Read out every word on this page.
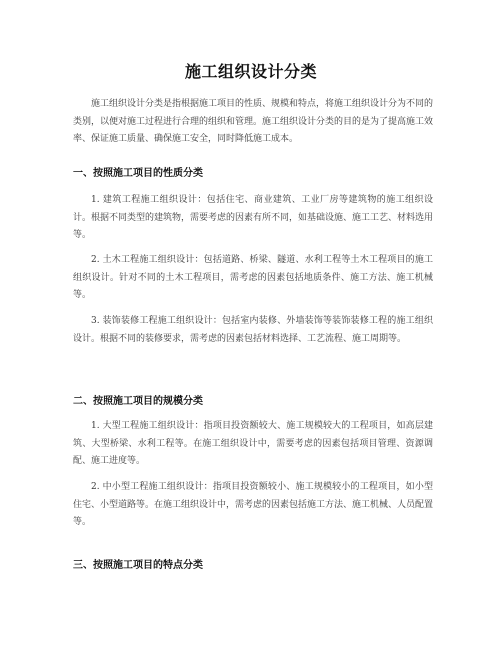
施工组织设计分类
施工组织设计分类是指根据施工项目的性质、规模和特点，将施工组织设计分为不同的类别，以便对施工过程进行合理的组织和管理。施工组织设计分类的目的是为了提高施工效率、保证施工质量、确保施工安全，同时降低施工成本。
一、按照施工项目的性质分类
1. 建筑工程施工组织设计：包括住宅、商业建筑、工业厂房等建筑物的施工组织设计。根据不同类型的建筑物，需要考虑的因素有所不同，如基础设施、施工工艺、材料选用等。
2. 土木工程施工组织设计：包括道路、桥梁、隧道、水利工程等土木工程项目的施工组织设计。针对不同的土木工程项目，需考虑的因素包括地质条件、施工方法、施工机械等。
3. 装饰装修工程施工组织设计：包括室内装修、外墙装饰等装饰装修工程的施工组织设计。根据不同的装修要求，需考虑的因素包括材料选择、工艺流程、施工周期等。
二、按照施工项目的规模分类
1. 大型工程施工组织设计：指项目投资额较大、施工规模较大的工程项目，如高层建筑、大型桥梁、水利工程等。在施工组织设计中，需要考虑的因素包括项目管理、资源调配、施工进度等。
2. 中小型工程施工组织设计：指项目投资额较小、施工规模较小的工程项目，如小型住宅、小型道路等。在施工组织设计中，需考虑的因素包括施工方法、施工机械、人员配置等。
三、按照施工项目的特点分类
